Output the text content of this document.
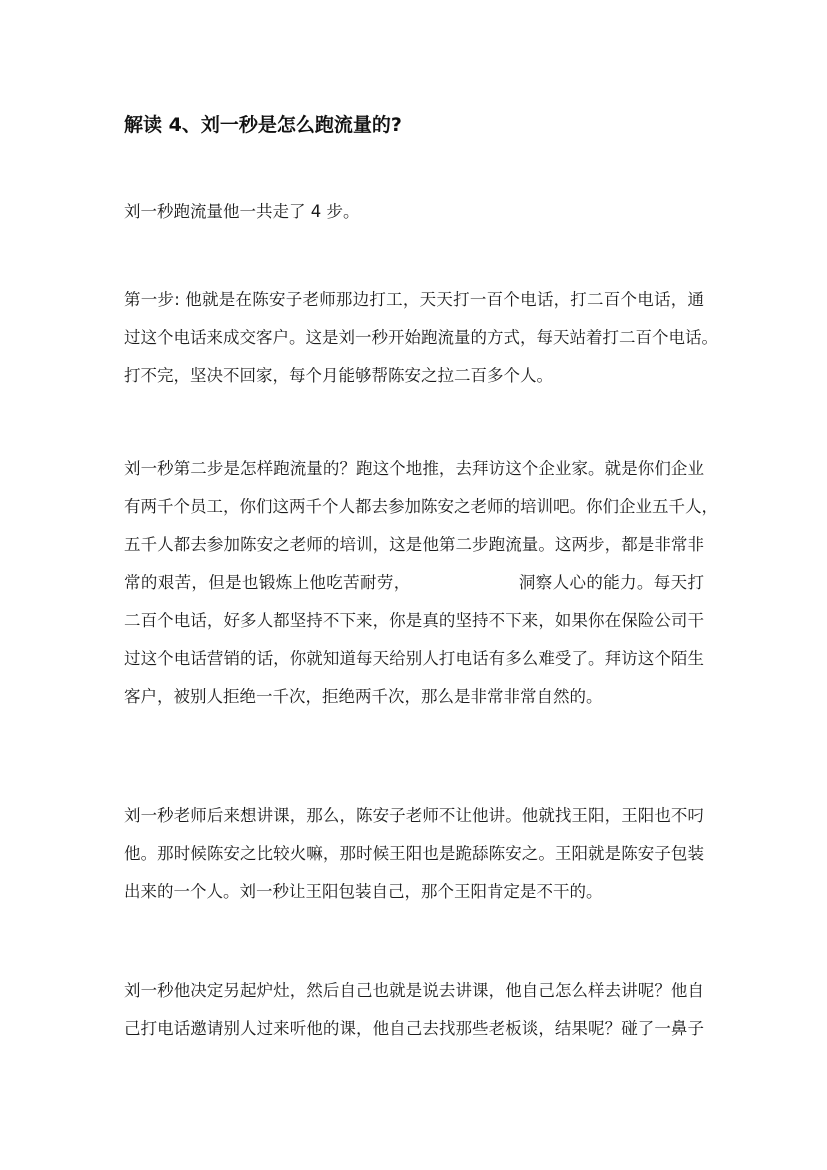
解读 4、刘一秒是怎么跑流量的?

刘一秒跑流量他一共走了 4 步。

第一步: 他就是在陈安子老师那边打工，天天打一百个电话，打二百个电话，通
过这个电话来成交客户。这是刘一秒开始跑流量的方式，每天站着打二百个电话。
打不完，坚决不回家，每个月能够帮陈安之拉二百多个人。

刘一秒第二步是怎样跑流量的？跑这个地推，去拜访这个企业家。就是你们企业
有两千个员工，你们这两千个人都去参加陈安之老师的培训吧。你们企业五千人，
五千人都去参加陈安之老师的培训，这是他第二步跑流量。这两步，都是非常非
常的艰苦，但是也锻炼上他吃苦耐劳，	洞察人心的能力。每天打
二百个电话，好多人都坚持不下来，你是真的坚持不下来，如果你在保险公司干
过这个电话营销的话，你就知道每天给别人打电话有多么难受了。拜访这个陌生
客户，被别人拒绝一千次，拒绝两千次，那么是非常非常自然的。

刘一秒老师后来想讲课，那么，陈安子老师不让他讲。他就找王阳，王阳也不叼
他。那时候陈安之比较火嘛，那时候王阳也是跪舔陈安之。王阳就是陈安子包装
出来的一个人。刘一秒让王阳包装自己，那个王阳肯定是不干的。

刘一秒他决定另起炉灶，然后自己也就是说去讲课，他自己怎么样去讲呢？他自
己打电话邀请别人过来听他的课，他自己去找那些老板谈，结果呢？碰了一鼻子
